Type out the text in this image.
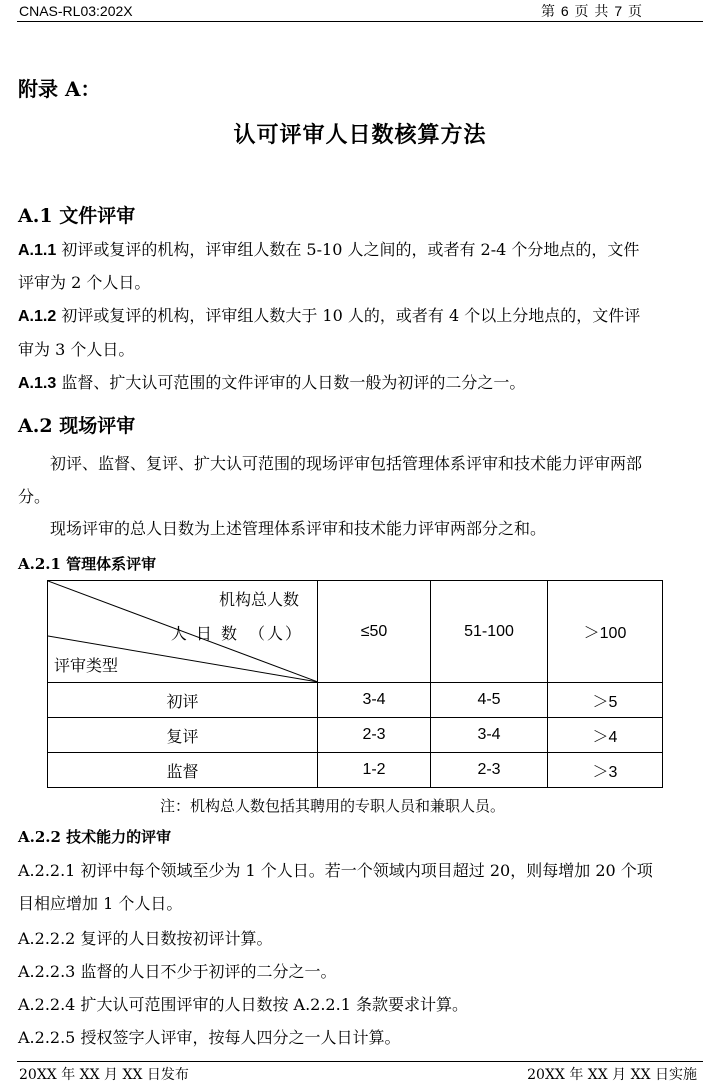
CNAS-RL03:202X	第 6 页 共 7 页
附录 A：
认可评审人日数核算方法
A.1 文件评审
A.1.1 初评或复评的机构，评审组人数在 5-10 人之间的，或者有 2-4 个分地点的，文件
评审为 2 个人日。
A.1.2 初评或复评的机构，评审组人数大于 10 人的，或者有 4 个以上分地点的，文件评
审为 3 个人日。
A.1.3 监督、扩大认可范围的文件评审的人日数一般为初评的二分之一。
A.2 现场评审
初评、监督、复评、扩大认可范围的现场评审包括管理体系评审和技术能力评审两部
分。
现场评审的总人日数为上述管理体系评审和技术能力评审两部分之和。
A.2.1 管理体系评审
机构总人数
人 日 数　（人）
评审类型	≤50	51-100	＞100
初评	3-4	4-5	＞5
复评	2-3	3-4	＞4
监督	1-2	2-3	＞3
注：机构总人数包括其聘用的专职人员和兼职人员。
A.2.2 技术能力的评审
A.2.2.1 初评中每个领域至少为 1 个人日。若一个领域内项目超过 20，则每增加 20 个项
目相应增加 1 个人日。
A.2.2.2 复评的人日数按初评计算。
A.2.2.3 监督的人日不少于初评的二分之一。
A.2.2.4 扩大认可范围评审的人日数按 A.2.2.1 条款要求计算。
A.2.2.5 授权签字人评审，按每人四分之一人日计算。
20XX 年 XX 月 XX 日发布	20XX 年 XX 月 XX 日实施
